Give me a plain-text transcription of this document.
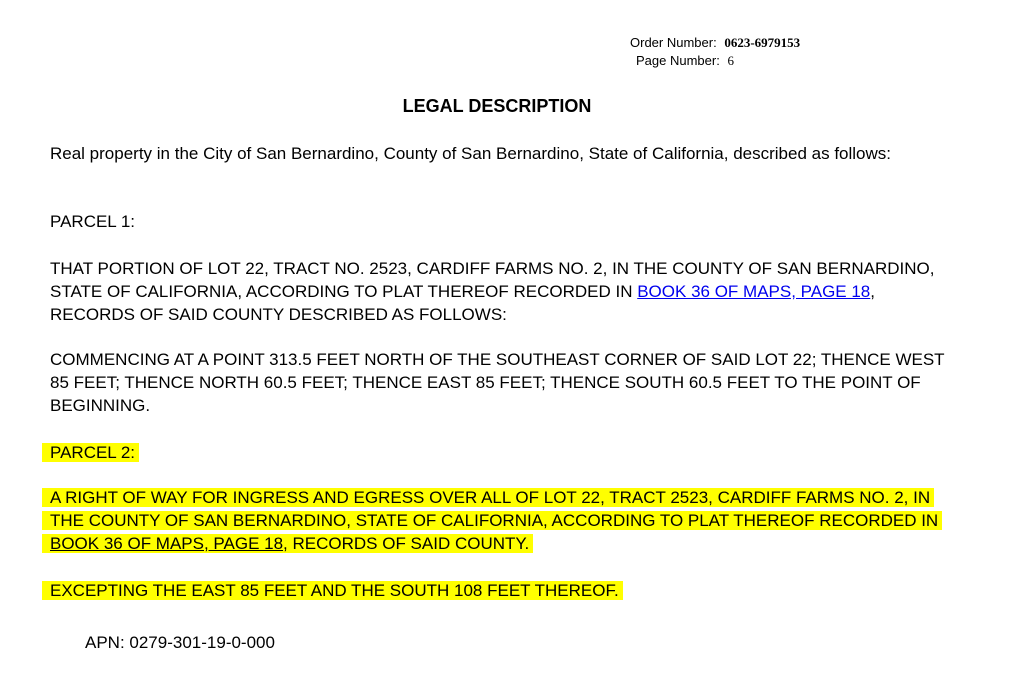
Order Number: 0623-6979153
Page Number: 6
LEGAL DESCRIPTION
Real property in the City of San Bernardino, County of San Bernardino, State of California, described as follows:
PARCEL 1:
THAT PORTION OF LOT 22, TRACT NO. 2523, CARDIFF FARMS NO. 2, IN THE COUNTY OF SAN BERNARDINO, STATE OF CALIFORNIA, ACCORDING TO PLAT THEREOF RECORDED IN BOOK 36 OF MAPS, PAGE 18, RECORDS OF SAID COUNTY DESCRIBED AS FOLLOWS:
COMMENCING AT A POINT 313.5 FEET NORTH OF THE SOUTHEAST CORNER OF SAID LOT 22; THENCE WEST 85 FEET; THENCE NORTH 60.5 FEET; THENCE EAST 85 FEET; THENCE SOUTH 60.5 FEET TO THE POINT OF BEGINNING.
PARCEL 2:
A RIGHT OF WAY FOR INGRESS AND EGRESS OVER ALL OF LOT 22, TRACT 2523, CARDIFF FARMS NO. 2, IN THE COUNTY OF SAN BERNARDINO, STATE OF CALIFORNIA, ACCORDING TO PLAT THEREOF RECORDED IN BOOK 36 OF MAPS, PAGE 18, RECORDS OF SAID COUNTY.
EXCEPTING THE EAST 85 FEET AND THE SOUTH 108 FEET THEREOF.
APN: 0279-301-19-0-000
